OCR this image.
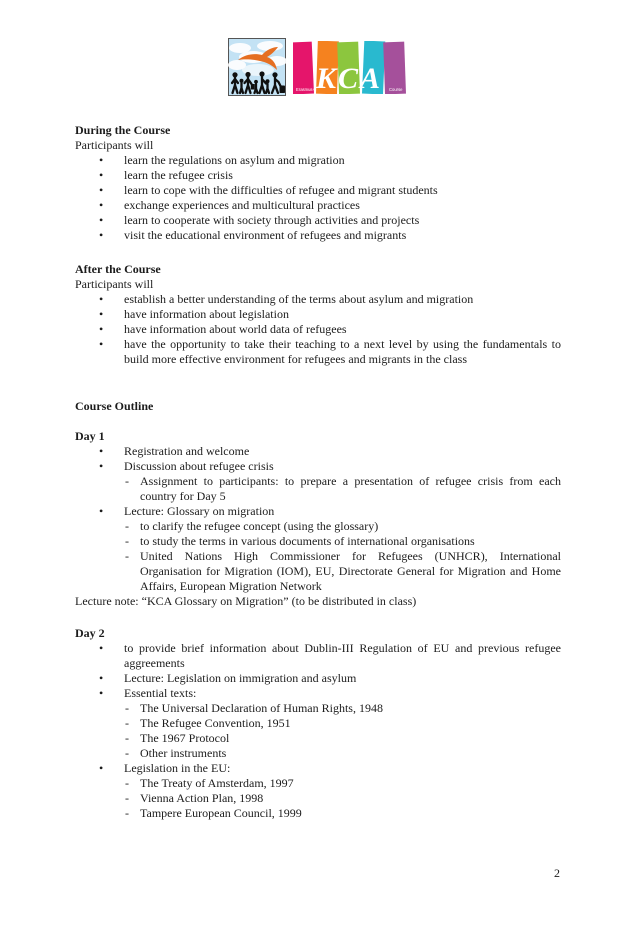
Erasmus+	Course
KCA

During the Course

Participants will

• learn the regulations on asylum and migration
• learn the refugee crisis
• learn to cope with the difficulties of refugee and migrant students
• exchange experiences and multicultural practices
• learn to cooperate with society through activities and projects
• visit the educational environment of refugees and migrants

After the Course

Participants will

• establish a better understanding of the terms about asylum and migration
• have information about legislation
• have information about world data of refugees
• have the opportunity to take their teaching to a next level by using the fundamentals to build more effective environment for refugees and migrants in the class

Course Outline

Day 1

• Registration and welcome
• Discussion about refugee crisis
- Assignment to participants: to prepare a presentation of refugee crisis from each country for Day 5
• Lecture: Glossary on migration
- to clarify the refugee concept (using the glossary)
- to study the terms in various documents of international organisations
- United Nations High Commissioner for Refugees (UNHCR), International Organisation for Migration (IOM), EU, Directorate General for Migration and Home Affairs, European Migration Network

Lecture note: “KCA Glossary on Migration” (to be distributed in class)

Day 2

• to provide brief information about Dublin-III Regulation of EU and previous refugee aggreements
• Lecture: Legislation on immigration and asylum
• Essential texts:
- The Universal Declaration of Human Rights, 1948
- The Refugee Convention, 1951
- The 1967 Protocol
- Other instruments
• Legislation in the EU:
- The Treaty of Amsterdam, 1997
- Vienna Action Plan, 1998
- Tampere European Council, 1999
2
